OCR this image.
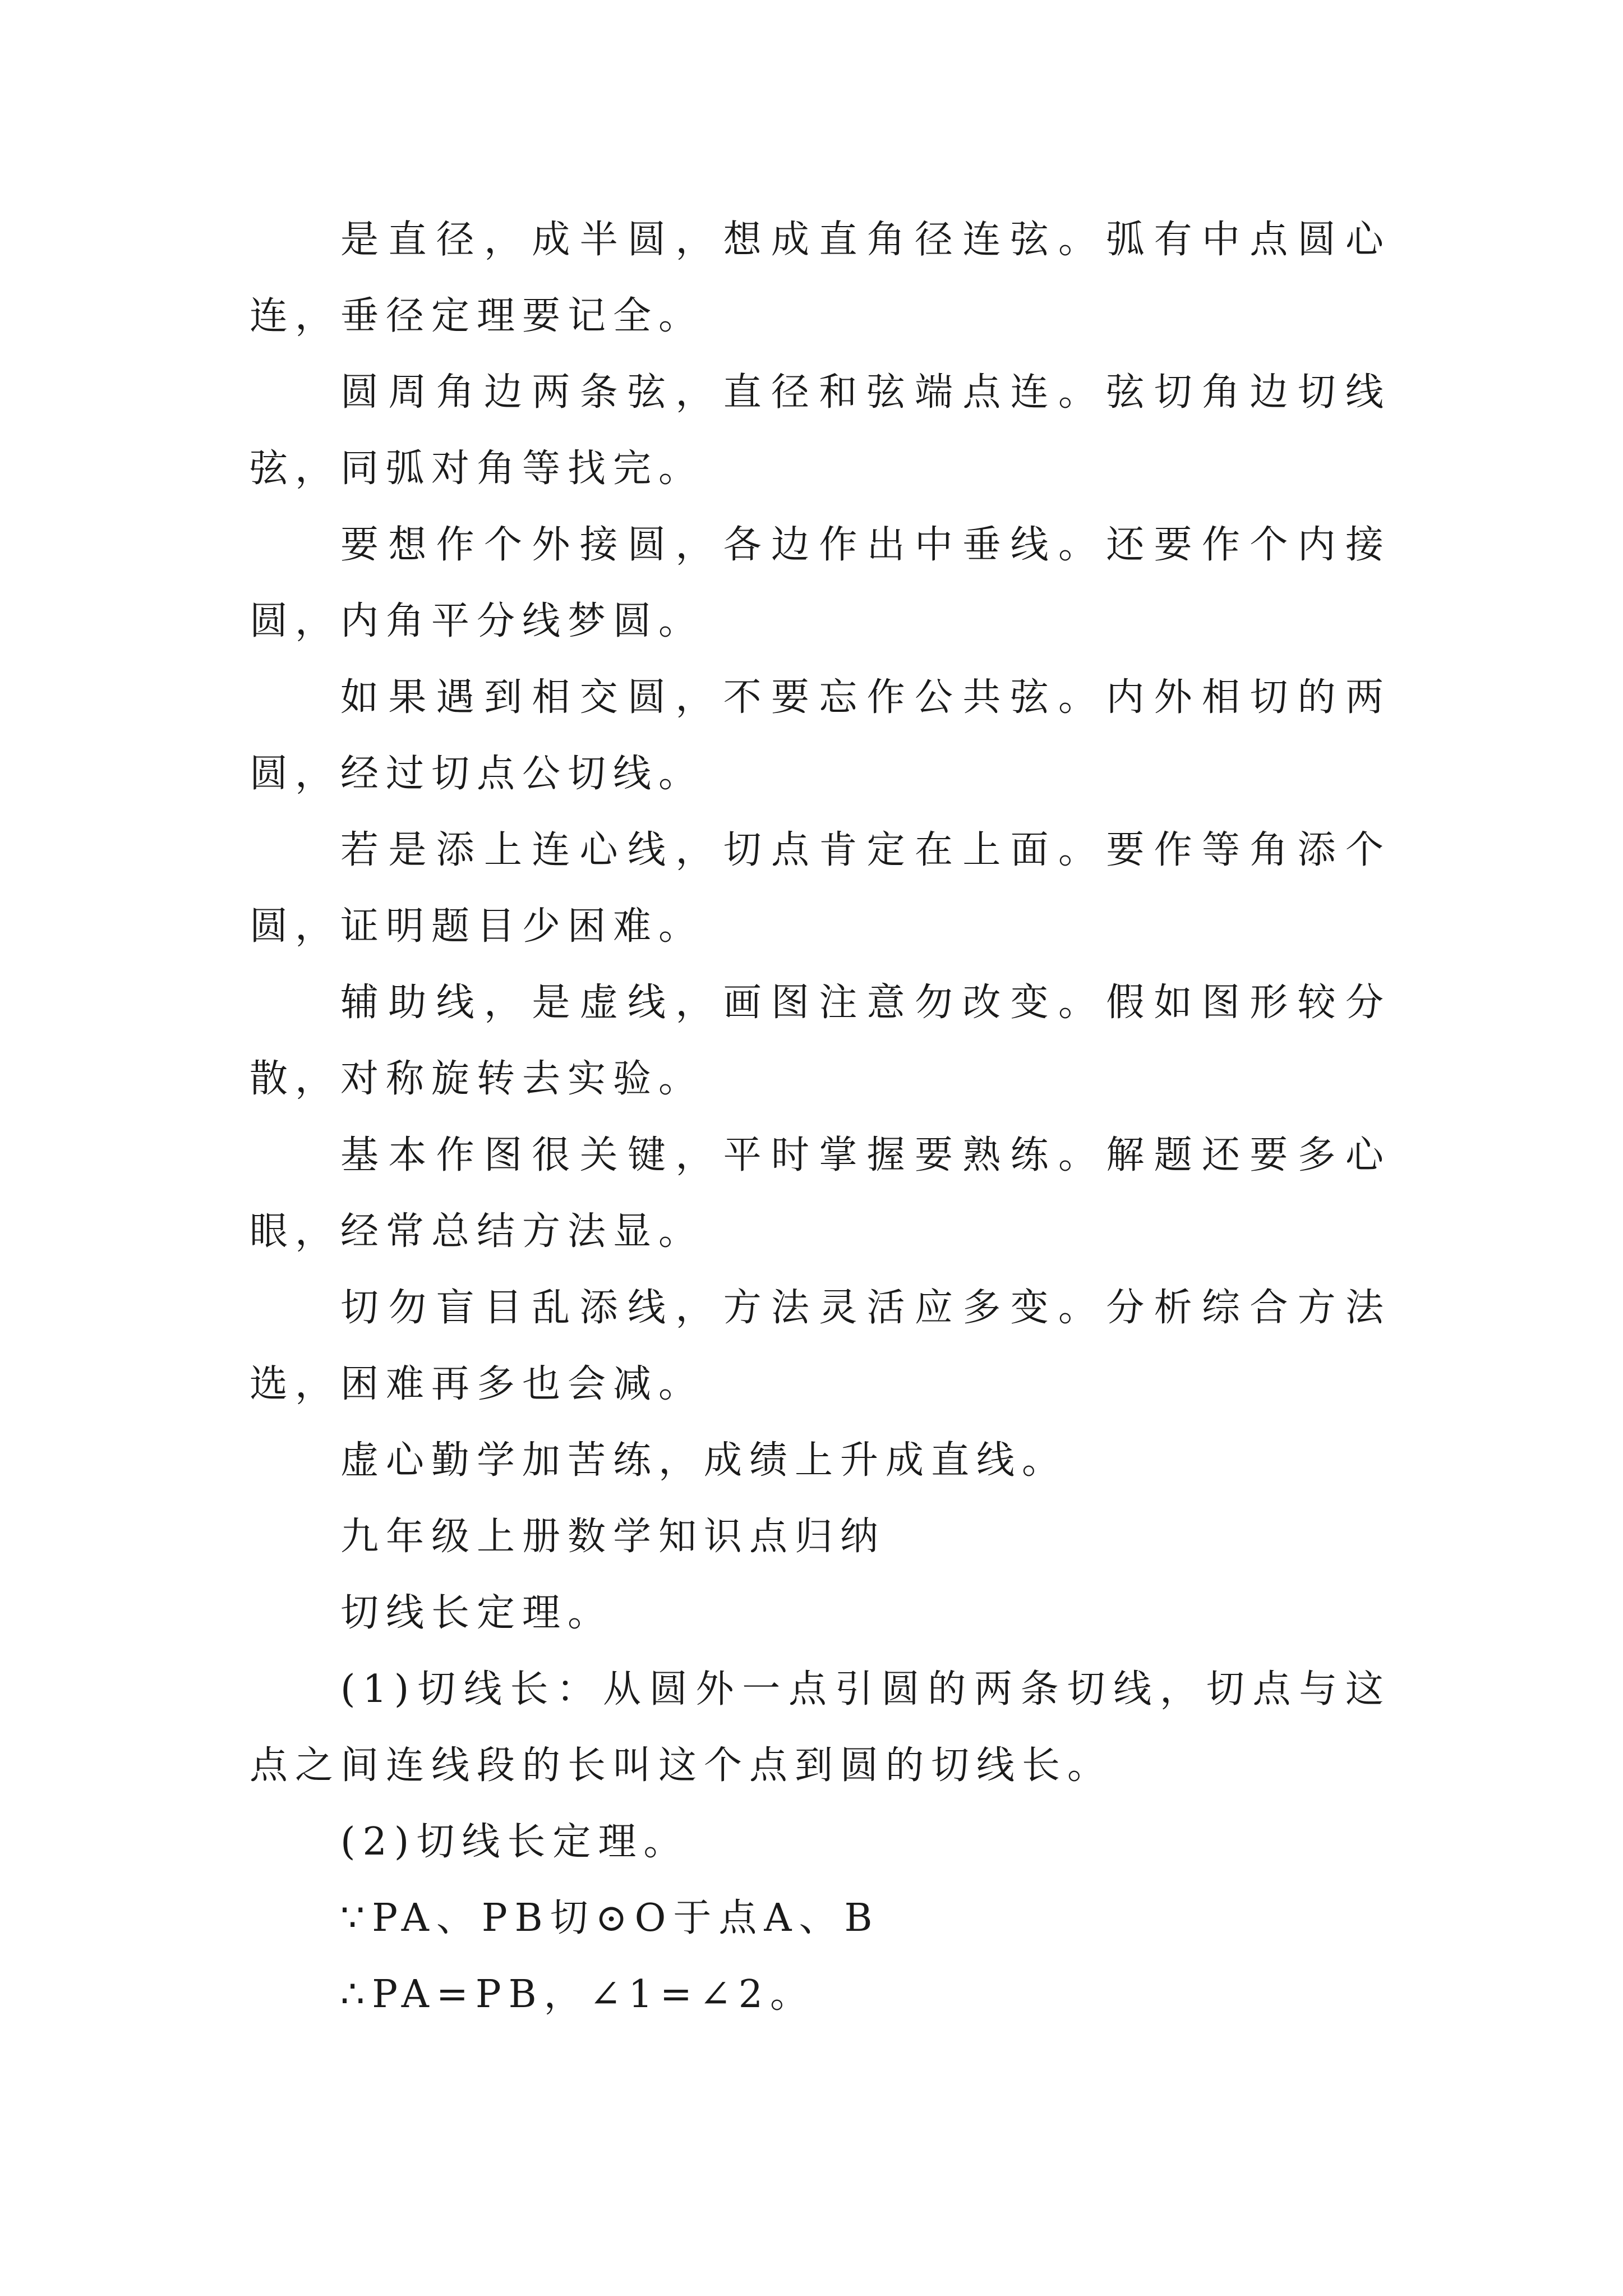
是直径，成半圆，想成直角径连弦。弧有中点圆心连，垂径定理要记全。

圆周角边两条弦，直径和弦端点连。弦切角边切线弦，同弧对角等找完。

要想作个外接圆，各边作出中垂线。还要作个内接圆，内角平分线梦圆。

如果遇到相交圆，不要忘作公共弦。内外相切的两圆，经过切点公切线。

若是添上连心线，切点肯定在上面。要作等角添个圆，证明题目少困难。

辅助线，是虚线，画图注意勿改变。假如图形较分散，对称旋转去实验。

基本作图很关键，平时掌握要熟练。解题还要多心眼，经常总结方法显。

切勿盲目乱添线，方法灵活应多变。分析综合方法选，困难再多也会减。

虚心勤学加苦练，成绩上升成直线。

九年级上册数学知识点归纳

切线长定理。

(1)切线长：从圆外一点引圆的两条切线，切点与这点之间连线段的长叫这个点到圆的切线长。

(2)切线长定理。

∵PA、PB切⊙O于点A、B

∴PA=PB，∠1=∠2。
